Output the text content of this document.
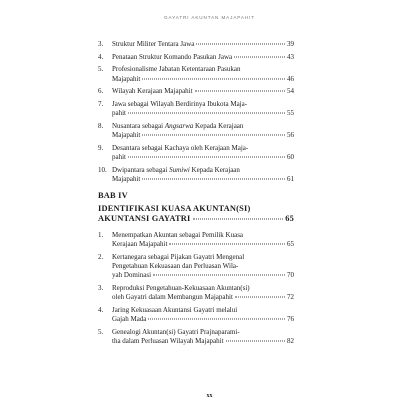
GAYATRI AKUNTAN MAJAPAHIT
3.	Struktur Militer Tentara Jawa	39
4.	Penataan Struktur Komando Pasukan Jawa	43
5.	Profesionalisme Jabatan Ketentaraan Pasukan
Majapahit	46
6.	Wilayah Kerajaan Majapahit	54
7.	Jawa sebagai Wilayah Berdirinya Ibukota Maja-
pahit	55
8.	Nusantara sebagai Angsarwa Kepada Kerajaan
Majapahit	56
9.	Desantara sebagai Kachaya oleh Kerajaan Maja-
pahit	60
10. Dwipantara sebagai Sumiwi Kepada Kerajaan
Majapahit	61
BAB IV
IDENTIFIKASI KUASA AKUNTAN(SI)
AKUNTANSI GAYATRI	65
1.	Menempatkan Akuntan sebagai Pemilik Kuasa
Kerajaan Majapahit	65
2.	Kertanegara sebagai Pijakan Gayatri Mengenal
Pengetahuan Kekuasaan dan Perluasan Wila-
yah Dominasi	70
3.	Reproduksi Pengetahuan-Kekuasaan Akuntan(si)
oleh Gayatri dalam Membangun Majapahit	72
4.	Jaring Kekuasaan Akuntansi Gayatri melalui
Gajah Mada	76
5.	Genealogi Akuntan(si) Gayatri Prajnaparami-
tha dalam Perluasan Wilayah Majapahit	82
xx
